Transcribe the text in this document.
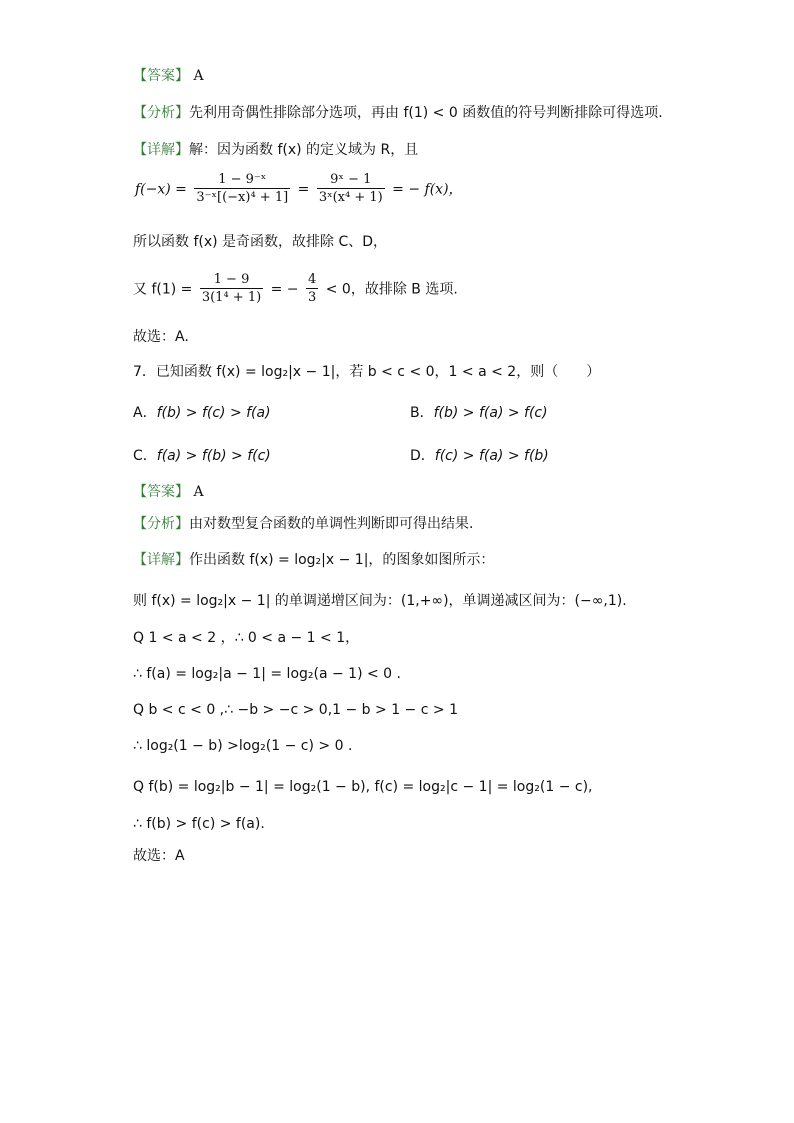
【答案】 A
【分析】先利用奇偶性排除部分选项，再由 f(1) < 0 函数值的符号判断排除可得选项.
【详解】解：因为函数 f(x) 的定义域为 R，且
$f(-x) = \frac{\text{1 − 9⁻ˣ}}{\text{3⁻ˣ[(−x)⁴ + 1]}} = \frac{\text{9ˣ − 1}}{\text{3ˣ(x⁴ + 1)}}$ = − f(x)，
所以函数 f(x) 是奇函数，故排除 C、D，
又 $f(1) = \frac{1 - 9}{\text{3(1⁴ + 1)}}$ = − $\frac{4}{3} < 0$，故排除 B 选项.
故选：A.
7．已知函数 f(x) = log₂|x − 1|，若 b < c < 0，1 < a < 2，则（　　）
A．f(b) > f(c) > f(a)	B．f(b) > f(a) > f(c)
C．f(a) > f(b) > f(c)	D．f(c) > f(a) > f(b)
【答案】 A
【分析】由对数型复合函数的单调性判断即可得出结果.
【详解】作出函数 f(x) = log₂|x − 1|，的图象如图所示：
则 f(x) = log₂|x − 1| 的单调递增区间为：(1,+∞)，单调递减区间为：(−∞,1).
Q 1 < a < 2 ，∴ 0 < a − 1 < 1，
∴ f(a) = log₂|a − 1| = log₂(a − 1) < 0 .
Q b < c < 0 ,∴ −b > −c > 0,1 − b > 1 − c > 1
∴ log₂(1 − b) >log₂(1 − c) > 0 .
Q f(b) = log₂|b − 1| = log₂(1 − b), f(c) = log₂|c − 1| = log₂(1 − c),
∴ f(b) > f(c) > f(a).
故选：A
